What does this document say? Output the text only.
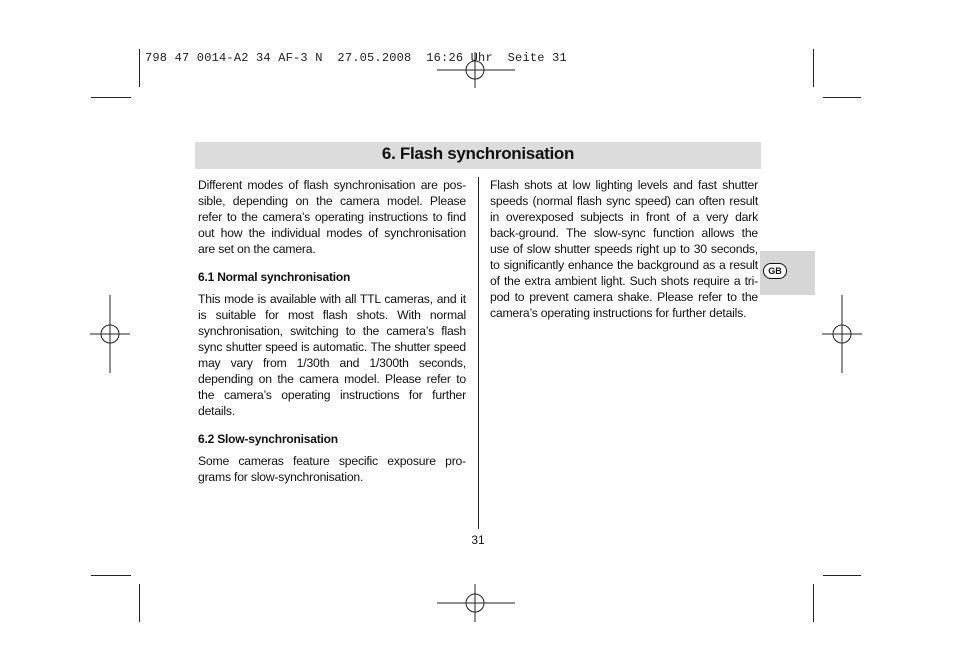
798 47 0014-A2 34 AF-3 N  27.05.2008  16:26 Uhr  Seite 31
6. Flash synchronisation

Different modes of flash synchronisation are pos-sible, depending on the camera model. Please refer to the camera’s operating instructions to find out how the individual modes of synchronisation are set on the camera.

6.1 Normal synchronisation

This mode is available with all TTL cameras, and it is suitable for most flash shots. With normal synchronisation, switching to the camera’s flash sync shutter speed is automatic. The shutter speed may vary from 1/30th and 1/300th seconds, depending on the camera model. Please refer to the camera’s operating instructions for further details.

6.2 Slow-synchronisation

Some cameras feature specific exposure pro-grams for slow-synchronisation.

Flash shots at low lighting levels and fast shutter speeds (normal flash sync speed) can often result in overexposed subjects in front of a very dark back-ground. The slow-sync function allows the use of slow shutter speeds right up to 30 seconds, to significantly enhance the background as a result of the extra ambient light. Such shots require a tri-pod to prevent camera shake. Please refer to the camera’s operating instructions for further details.

GB
31
